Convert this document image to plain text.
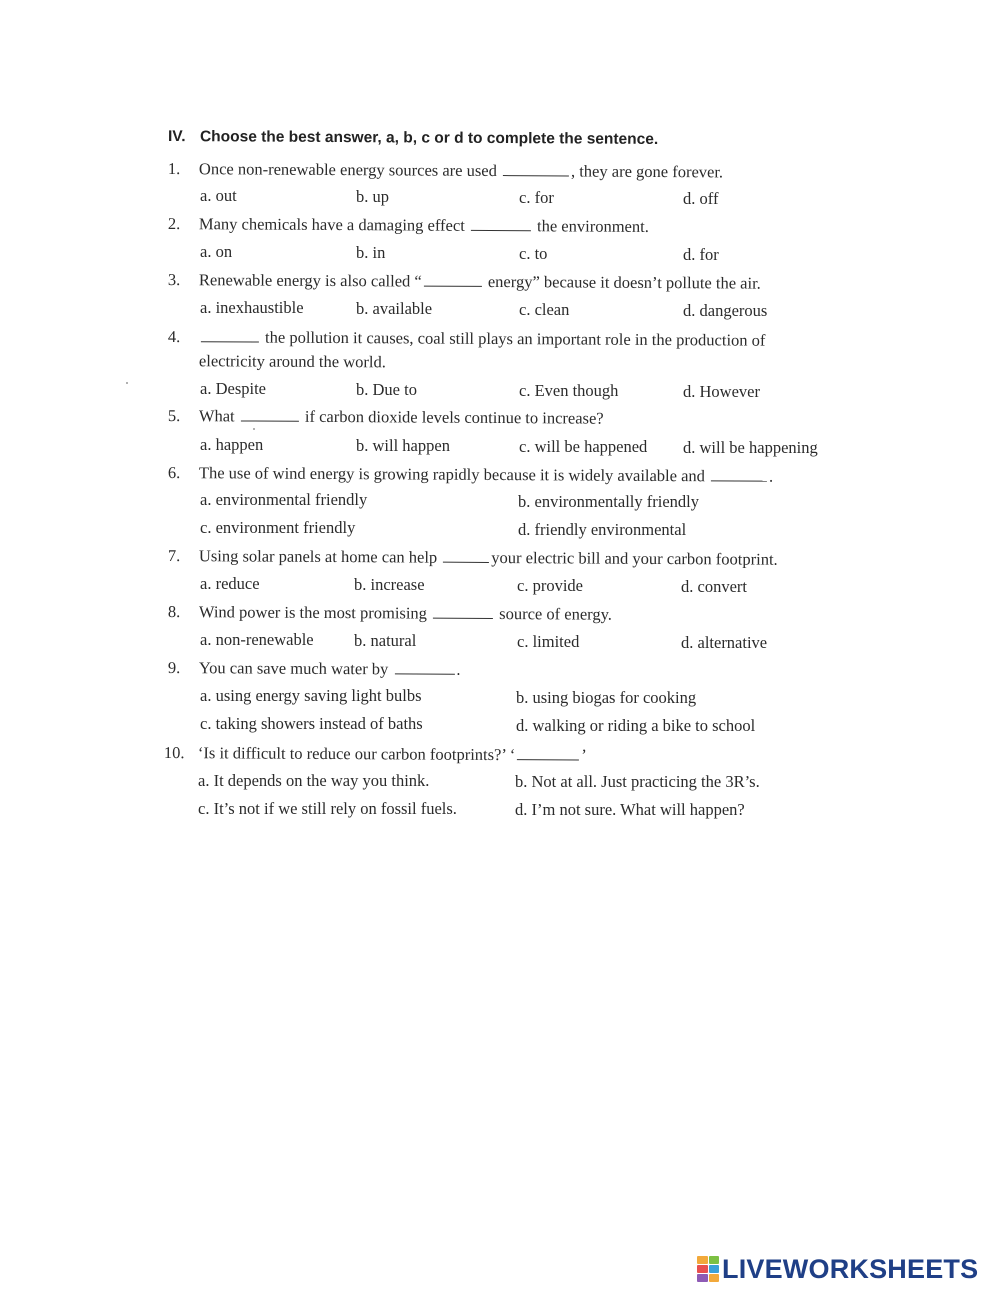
IV. Choose the best answer, a, b, c or d to complete the sentence.
1. Once non-renewable energy sources are used	, they are gone forever.
a. out	b. up	c. for	d. off
2. Many chemicals have a damaging effect	the environment.
a. on	b. in	c. to	d. for
3. Renewable energy is also called “	energy” because it doesn’t pollute the air.
a. inexhaustible	b. available	c. clean	d. dangerous
4.	the pollution it causes, coal still plays an important role in the production of
electricity around the world.
a. Despite	b. Due to	c. Even though	d. However
5. What	if carbon dioxide levels continue to increase?
a. happen	b. will happen	c. will be happened d. will be happening
6. The use of wind energy is growing rapidly because it is widely available and	.
a. environmental friendly	b. environmentally friendly
c. environment friendly	d. friendly environmental
7. Using solar panels at home can help	your electric bill and your carbon footprint.
a. reduce	b. increase	c. provide	d. convert
8. Wind power is the most promising	source of energy.
a. non-renewable b. natural	c. limited	d. alternative
9. You can save much water by	.
a. using energy saving light bulbs	b. using biogas for cooking
c. taking showers instead of baths	d. walking or riding a bike to school
10. ‘Is it difficult to reduce our carbon footprints?’ ‘	’
a. It depends on the way you think.	b. Not at all. Just practicing the 3R’s.
c. It’s not if we still rely on fossil fuels.	d. I’m not sure. What will happen?
LIVEWORKSHEETS
